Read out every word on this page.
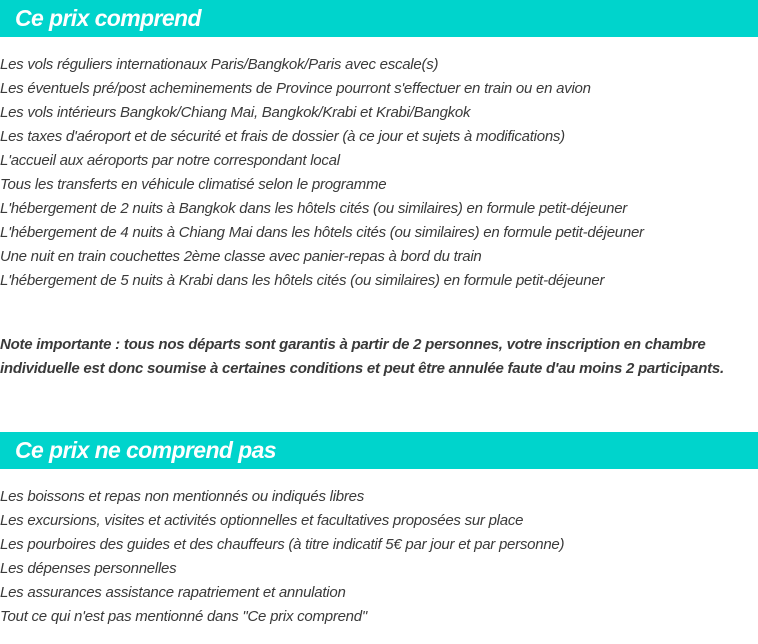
Ce prix comprend
Les vols réguliers internationaux Paris/Bangkok/Paris avec escale(s)
Les éventuels pré/post acheminements de Province pourront s'effectuer en train ou en avion
Les vols intérieurs Bangkok/Chiang Mai, Bangkok/Krabi et Krabi/Bangkok
Les taxes d'aéroport et de sécurité et frais de dossier (à ce jour et sujets à modifications)
L'accueil aux aéroports par notre correspondant local
Tous les transferts en véhicule climatisé selon le programme
L'hébergement de 2 nuits à Bangkok dans les hôtels cités (ou similaires) en formule petit-déjeuner
L'hébergement de 4 nuits à Chiang Mai dans les hôtels cités (ou similaires) en formule petit-déjeuner
Une nuit en train couchettes 2ème classe avec panier-repas à bord du train
L'hébergement de 5 nuits à Krabi dans les hôtels cités (ou similaires) en formule petit-déjeuner

Note importante : tous nos départs sont garantis à partir de 2 personnes, votre inscription en chambre individuelle est donc soumise à certaines conditions et peut être annulée faute d'au moins 2 participants.

Ce prix ne comprend pas
Les boissons et repas non mentionnés ou indiqués libres
Les excursions, visites et activités optionnelles et facultatives proposées sur place
Les pourboires des guides et des chauffeurs (à titre indicatif 5€ par jour et par personne)
Les dépenses personnelles
Les assurances assistance rapatriement et annulation
Tout ce qui n'est pas mentionné dans "Ce prix comprend"
